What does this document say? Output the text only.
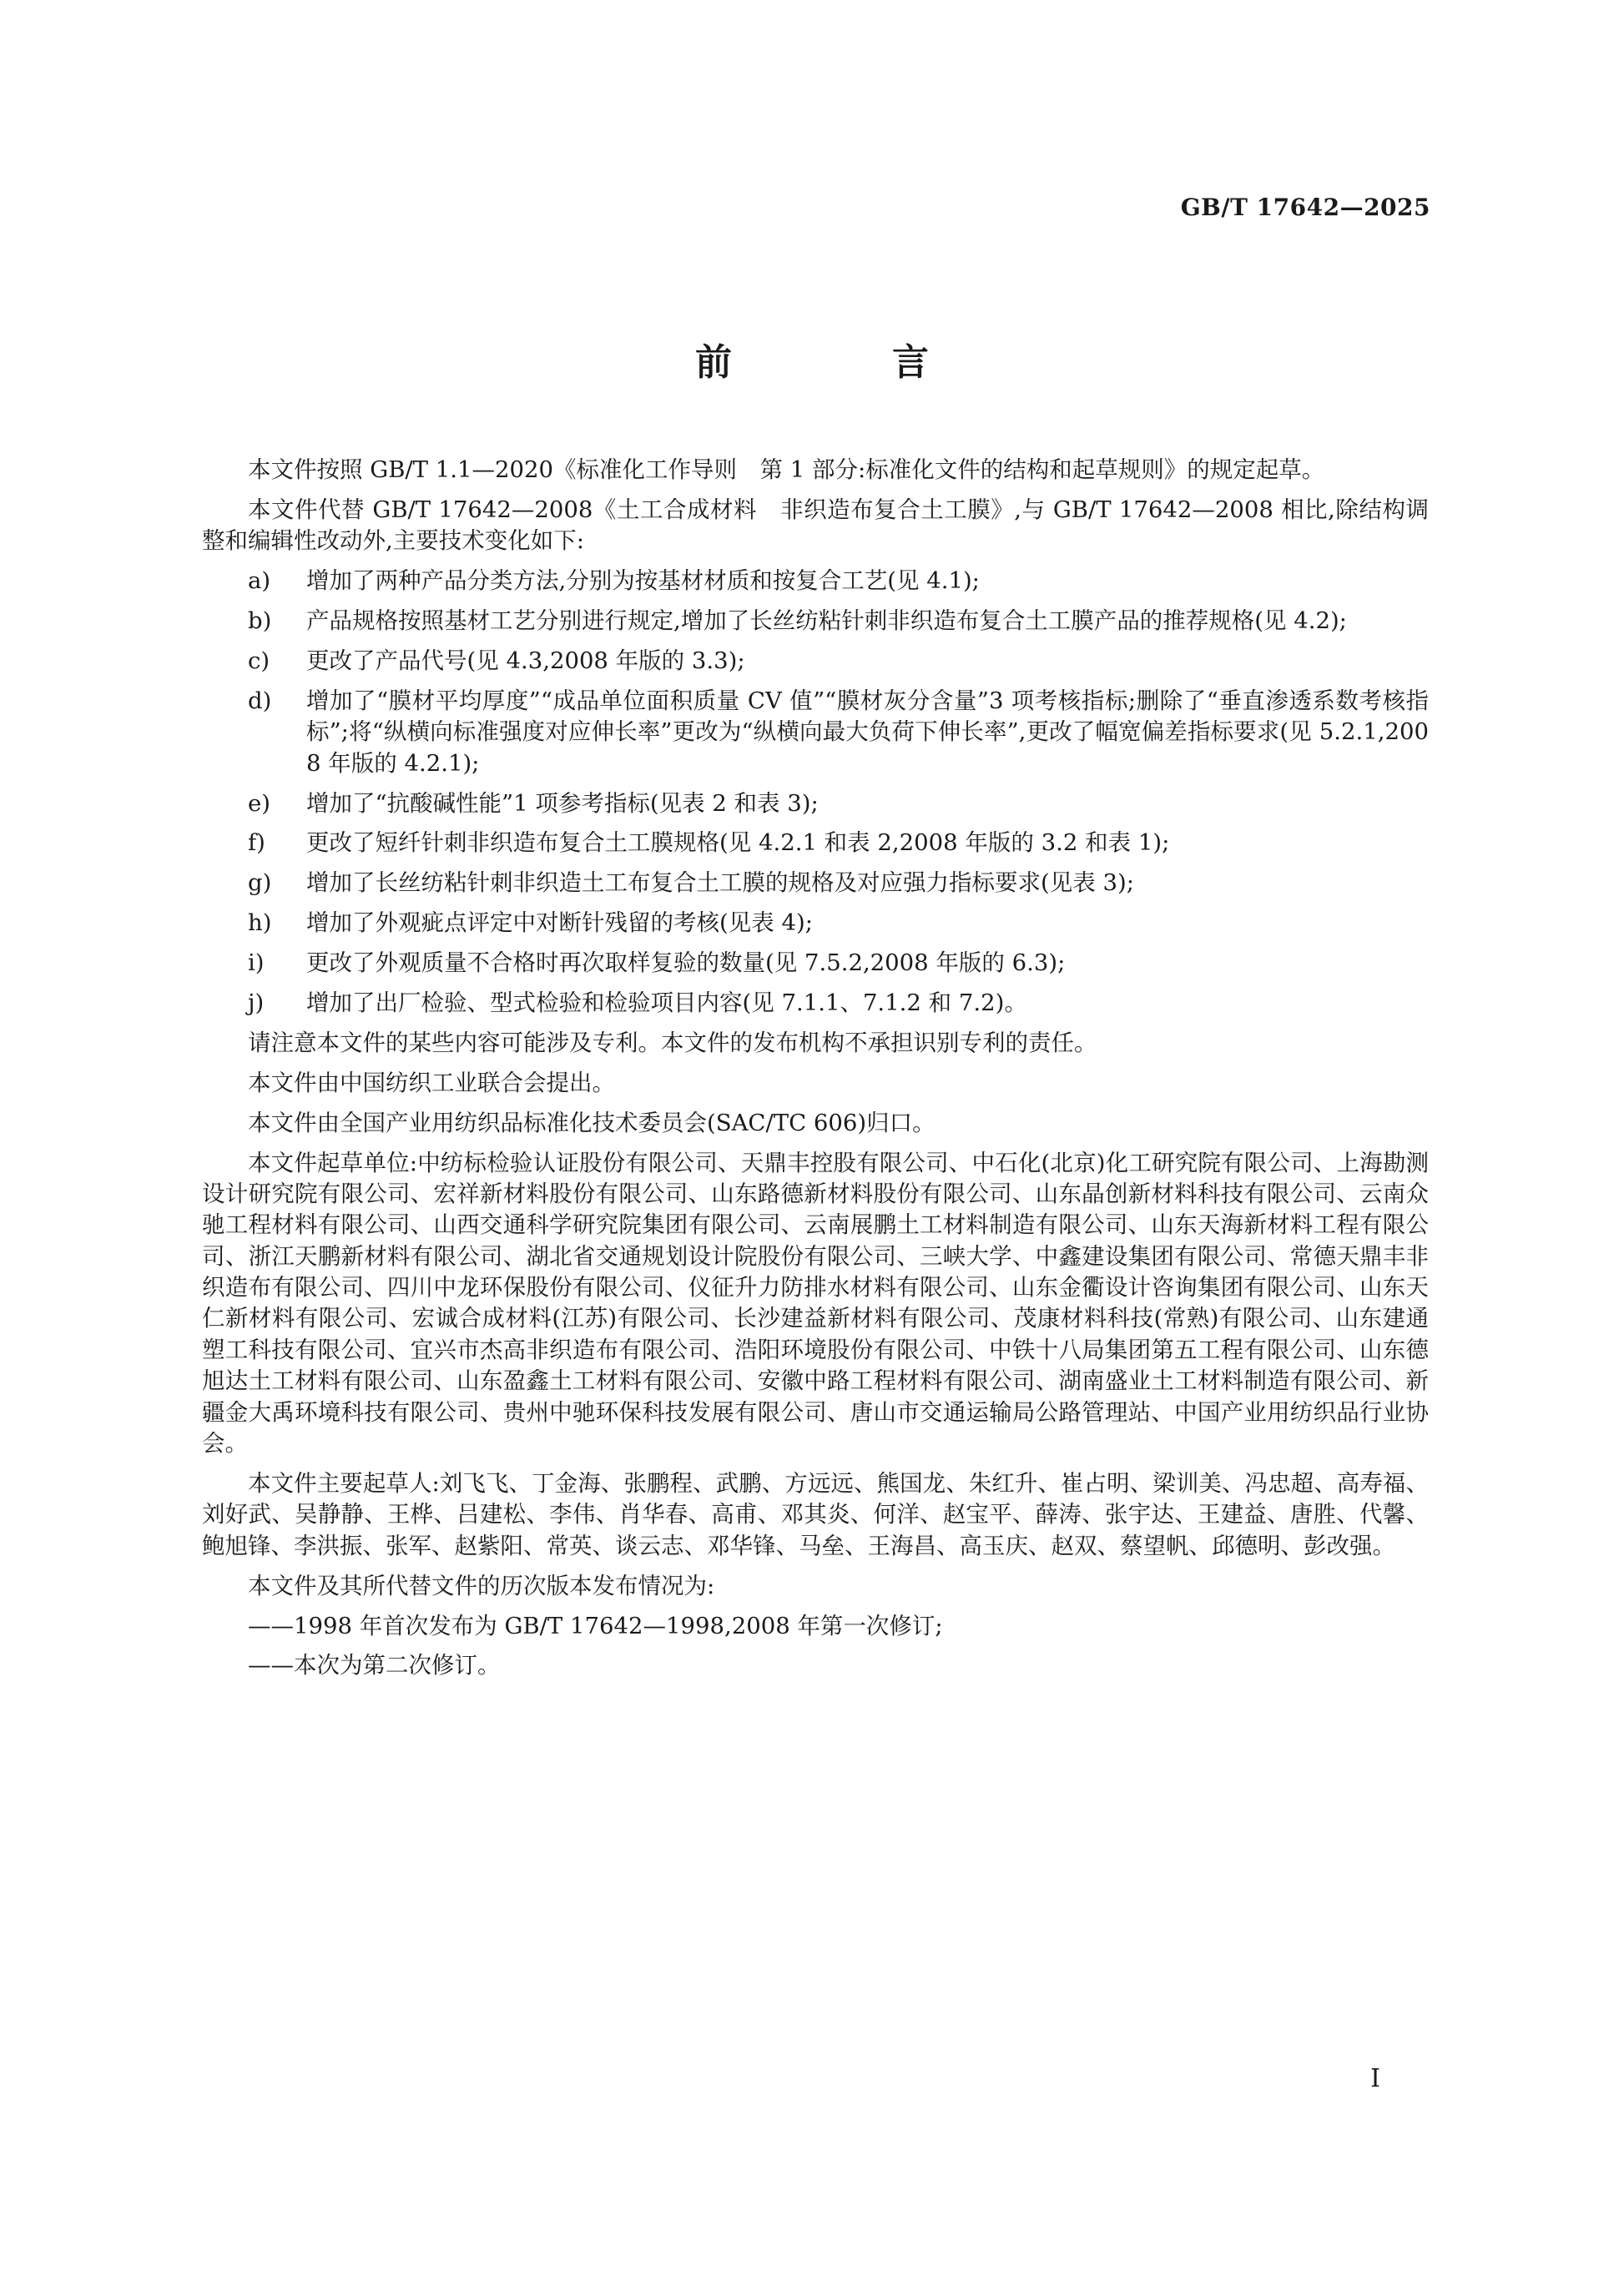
GB/T 17642—2025
前　言

本文件按照 GB/T 1.1—2020《标准化工作导则　第 1 部分:标准化文件的结构和起草规则》的规定起草。

本文件代替 GB/T 17642—2008《土工合成材料　非织造布复合土工膜》,与 GB/T 17642—2008 相比,除结构调整和编辑性改动外,主要技术变化如下:

a)	增加了两种产品分类方法,分别为按基材材质和按复合工艺(见 4.1);
b)	产品规格按照基材工艺分别进行规定,增加了长丝纺粘针刺非织造布复合土工膜产品的推荐规格(见 4.2);
c)	更改了产品代号(见 4.3,2008 年版的 3.3);
d)	增加了“膜材平均厚度”“成品单位面积质量 CV 值”“膜材灰分含量”3 项考核指标;删除了“垂直渗透系数考核指标”;将“纵横向标准强度对应伸长率”更改为“纵横向最大负荷下伸长率”,更改了幅宽偏差指标要求(见 5.2.1,2008 年版的 4.2.1);
e)	增加了“抗酸碱性能”1 项参考指标(见表 2 和表 3);
f)	更改了短纤针刺非织造布复合土工膜规格(见 4.2.1 和表 2,2008 年版的 3.2 和表 1);
g)	增加了长丝纺粘针刺非织造土工布复合土工膜的规格及对应强力指标要求(见表 3);
h)	增加了外观疵点评定中对断针残留的考核(见表 4);
i)	更改了外观质量不合格时再次取样复验的数量(见 7.5.2,2008 年版的 6.3);
j)	增加了出厂检验、型式检验和检验项目内容(见 7.1.1、7.1.2 和 7.2)。

请注意本文件的某些内容可能涉及专利。本文件的发布机构不承担识别专利的责任。

本文件由中国纺织工业联合会提出。

本文件由全国产业用纺织品标准化技术委员会(SAC/TC 606)归口。

本文件起草单位:中纺标检验认证股份有限公司、天鼎丰控股有限公司、中石化(北京)化工研究院有限公司、上海勘测设计研究院有限公司、宏祥新材料股份有限公司、山东路德新材料股份有限公司、山东晶创新材料科技有限公司、云南众驰工程材料有限公司、山西交通科学研究院集团有限公司、云南展鹏土工材料制造有限公司、山东天海新材料工程有限公司、浙江天鹏新材料有限公司、湖北省交通规划设计院股份有限公司、三峡大学、中鑫建设集团有限公司、常德天鼎丰非织造布有限公司、四川中龙环保股份有限公司、仪征升力防排水材料有限公司、山东金衢设计咨询集团有限公司、山东天仁新材料有限公司、宏诚合成材料(江苏)有限公司、长沙建益新材料有限公司、茂康材料科技(常熟)有限公司、山东建通塑工科技有限公司、宜兴市杰高非织造布有限公司、浩阳环境股份有限公司、中铁十八局集团第五工程有限公司、山东德旭达土工材料有限公司、山东盈鑫土工材料有限公司、安徽中路工程材料有限公司、湖南盛业土工材料制造有限公司、新疆金大禹环境科技有限公司、贵州中驰环保科技发展有限公司、唐山市交通运输局公路管理站、中国产业用纺织品行业协会。

本文件主要起草人:刘飞飞、丁金海、张鹏程、武鹏、方远远、熊国龙、朱红升、崔占明、梁训美、冯忠超、高寿福、刘好武、吴静静、王桦、吕建松、李伟、肖华春、高甫、邓其炎、何洋、赵宝平、薛涛、张宇达、王建益、唐胜、代馨、鲍旭锋、李洪振、张军、赵紫阳、常英、谈云志、邓华锋、马垒、王海昌、高玉庆、赵双、蔡望帆、邱德明、彭改强。

本文件及其所代替文件的历次版本发布情况为:

——1998 年首次发布为 GB/T 17642—1998,2008 年第一次修订;

——本次为第二次修订。

I
